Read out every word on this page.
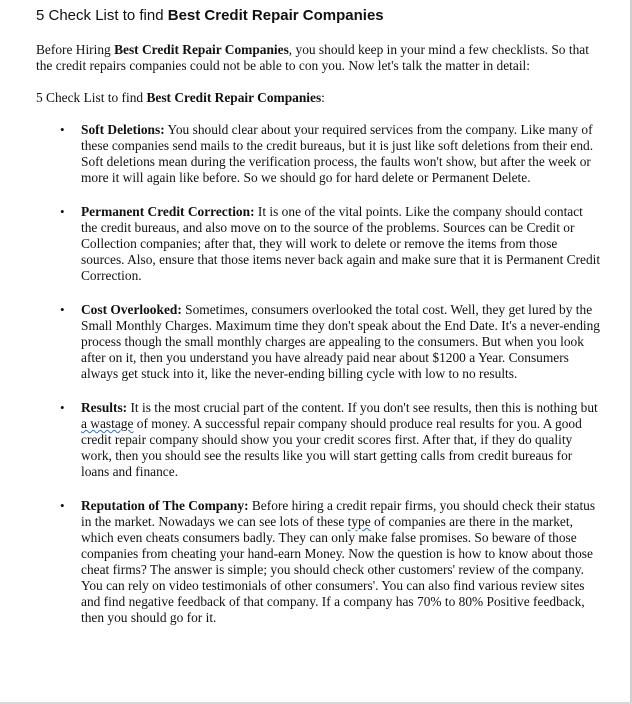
5 Check List to find Best Credit Repair Companies

Before Hiring Best Credit Repair Companies, you should keep in your mind a few checklists. So that the credit repairs companies could not be able to con you. Now let's talk the matter in detail:

5 Check List to find Best Credit Repair Companies:

• Soft Deletions: You should clear about your required services from the company. Like many of these companies send mails to the credit bureaus, but it is just like soft deletions from their end. Soft deletions mean during the verification process, the faults won't show, but after the week or more it will again like before. So we should go for hard delete or Permanent Delete.
• Permanent Credit Correction: It is one of the vital points. Like the company should contact the credit bureaus, and also move on to the source of the problems. Sources can be Credit or Collection companies; after that, they will work to delete or remove the items from those sources. Also, ensure that those items never back again and make sure that it is Permanent Credit Correction.
• Cost Overlooked: Sometimes, consumers overlooked the total cost. Well, they get lured by the Small Monthly Charges. Maximum time they don't speak about the End Date. It's a never-ending process though the small monthly charges are appealing to the consumers. But when you look after on it, then you understand you have already paid near about $1200 a Year. Consumers always get stuck into it, like the never-ending billing cycle with low to no results.
• Results: It is the most crucial part of the content. If you don't see results, then this is nothing but a wastage of money. A successful repair company should produce real results for you. A good credit repair company should show you your credit scores first. After that, if they do quality work, then you should see the results like you will start getting calls from credit bureaus for loans and finance.
• Reputation of The Company: Before hiring a credit repair firms, you should check their status in the market. Nowadays we can see lots of these type of companies are there in the market, which even cheats consumers badly. They can only make false promises. So beware of those companies from cheating your hand-earn Money. Now the question is how to know about those cheat firms? The answer is simple; you should check other customers' review of the company. You can rely on video testimonials of other consumers'. You can also find various review sites and find negative feedback of that company. If a company has 70% to 80% Positive feedback, then you should go for it.
